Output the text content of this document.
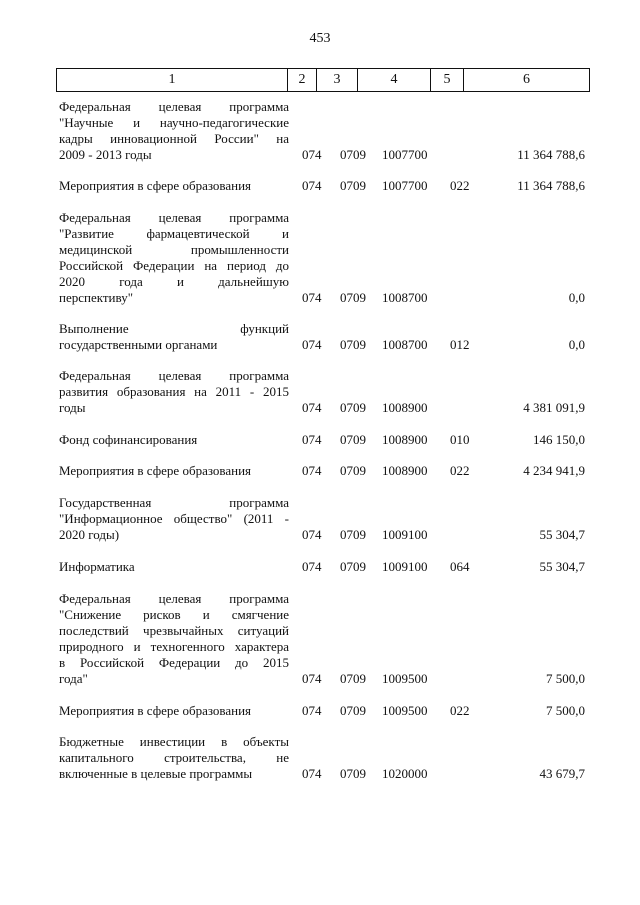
453
1	2	3	4	5	6
Федеральная целевая программа
"Научные и научно-педагогические
кадры инновационной России" на
2009 - 2013 годы	074 0709 1007700	11 364 788,6
Мероприятия в сфере образования	074 0709 1007700 022	11 364 788,6
Федеральная целевая программа
"Развитие фармацевтической и
медицинской промышленности
Российской Федерации на период до
2020 года и дальнейшую
перспективу"	074 0709 1008700	0,0
Выполнение функций
государственными органами	074 0709 1008700 012	0,0
Федеральная целевая программа
развития образования на 2011 - 2015
годы	074 0709 1008900	4 381 091,9
Фонд софинансирования	074 0709 1008900 010	146 150,0
Мероприятия в сфере образования	074 0709 1008900 022	4 234 941,9
Государственная программа
"Информационное общество" (2011 -
2020 годы)	074 0709 1009100	55 304,7
Информатика	074 0709 1009100 064	55 304,7
Федеральная целевая программа
"Снижение рисков и смягчение
последствий чрезвычайных ситуаций
природного и техногенного характера
в Российской Федерации до 2015
года"	074 0709 1009500	7 500,0
Мероприятия в сфере образования	074 0709 1009500 022	7 500,0
Бюджетные инвестиции в объекты
капитального строительства, не
включенные в целевые программы	074 0709 1020000	43 679,7
